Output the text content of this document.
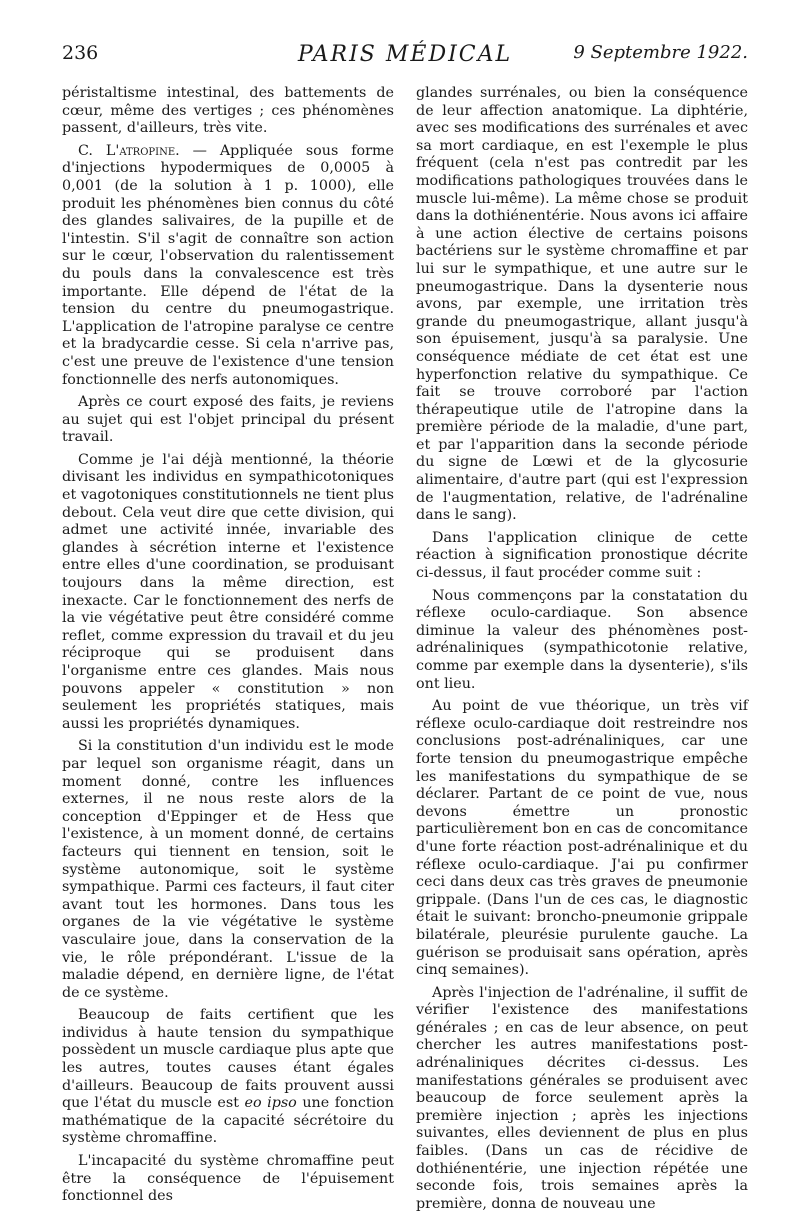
236	PARIS MÉDICAL	9 Septembre 1922.

péristaltisme intestinal, des battements de cœur, même des vertiges ; ces phénomènes passent, d'ailleurs, très vite.

C. L'atropine. — Appliquée sous forme d'injections hypodermiques de 0,0005 à 0,001 (de la solution à 1 p. 1000), elle produit les phénomènes bien connus du côté des glandes salivaires, de la pupille et de l'intestin. S'il s'agit de connaître son action sur le cœur, l'observation du ralentissement du pouls dans la convalescence est très importante. Elle dépend de l'état de la tension du centre du pneumogastrique. L'application de l'atropine paralyse ce centre et la bradycardie cesse. Si cela n'arrive pas, c'est une preuve de l'existence d'une tension fonctionnelle des nerfs autonomiques.

Après ce court exposé des faits, je reviens au sujet qui est l'objet principal du présent travail.

Comme je l'ai déjà mentionné, la théorie divisant les individus en sympathicotoniques et vagotoniques constitutionnels ne tient plus debout. Cela veut dire que cette division, qui admet une activité innée, invariable des glandes à sécrétion interne et l'existence entre elles d'une coordination, se produisant toujours dans la même direction, est inexacte. Car le fonctionnement des nerfs de la vie végétative peut être considéré comme reflet, comme expression du travail et du jeu réciproque qui se produisent dans l'organisme entre ces glandes. Mais nous pouvons appeler « constitution » non seulement les propriétés statiques, mais aussi les propriétés dynamiques.

Si la constitution d'un individu est le mode par lequel son organisme réagit, dans un moment donné, contre les influences externes, il ne nous reste alors de la conception d'Eppinger et de Hess que l'existence, à un moment donné, de certains facteurs qui tiennent en tension, soit le système autonomique, soit le système sympathique. Parmi ces facteurs, il faut citer avant tout les hormones. Dans tous les organes de la vie végétative le système vasculaire joue, dans la conservation de la vie, le rôle prépondérant. L'issue de la maladie dépend, en dernière ligne, de l'état de ce système.

Beaucoup de faits certifient que les individus à haute tension du sympathique possèdent un muscle cardiaque plus apte que les autres, toutes causes étant égales d'ailleurs. Beaucoup de faits prouvent aussi que l'état du muscle est eo ipso une fonction mathématique de la capacité sécrétoire du système chromaffine.

L'incapacité du système chromaffine peut être la conséquence de l'épuisement fonctionnel des

glandes surrénales, ou bien la conséquence de leur affection anatomique. La diphtérie, avec ses modifications des surrénales et avec sa mort cardiaque, en est l'exemple le plus fréquent (cela n'est pas contredit par les modifications pathologiques trouvées dans le muscle lui-même). La même chose se produit dans la dothiénentérie. Nous avons ici affaire à une action élective de certains poisons bactériens sur le système chromaffine et par lui sur le sympathique, et une autre sur le pneumogastrique. Dans la dysenterie nous avons, par exemple, une irritation très grande du pneumogastrique, allant jusqu'à son épuisement, jusqu'à sa paralysie. Une conséquence médiate de cet état est une hyperfonction relative du sympathique. Ce fait se trouve corroboré par l'action thérapeutique utile de l'atropine dans la première période de la maladie, d'une part, et par l'apparition dans la seconde période du signe de Lœwi et de la glycosurie alimentaire, d'autre part (qui est l'expression de l'augmentation, relative, de l'adrénaline dans le sang).

Dans l'application clinique de cette réaction à signification pronostique décrite ci-dessus, il faut procéder comme suit :

Nous commençons par la constatation du réflexe oculo-cardiaque. Son absence diminue la valeur des phénomènes post-adrénaliniques (sympathicotonie relative, comme par exemple dans la dysenterie), s'ils ont lieu.

Au point de vue théorique, un très vif réflexe oculo-cardiaque doit restreindre nos conclusions post-adrénaliniques, car une forte tension du pneumogastrique empêche les manifestations du sympathique de se déclarer. Partant de ce point de vue, nous devons émettre un pronostic particulièrement bon en cas de concomitance d'une forte réaction post-adrénalinique et du réflexe oculo-cardiaque. J'ai pu confirmer ceci dans deux cas très graves de pneumonie grippale. (Dans l'un de ces cas, le diagnostic était le suivant: broncho-pneumonie grippale bilatérale, pleurésie purulente gauche. La guérison se produisait sans opération, après cinq semaines).

Après l'injection de l'adrénaline, il suffit de vérifier l'existence des manifestations générales ; en cas de leur absence, on peut chercher les autres manifestations post-adrénaliniques décrites ci-dessus. Les manifestations générales se produisent avec beaucoup de force seulement après la première injection ; après les injections suivantes, elles deviennent de plus en plus faibles. (Dans un cas de récidive de dothiénentérie, une injection répétée une seconde fois, trois semaines après la première, donna de nouveau une
